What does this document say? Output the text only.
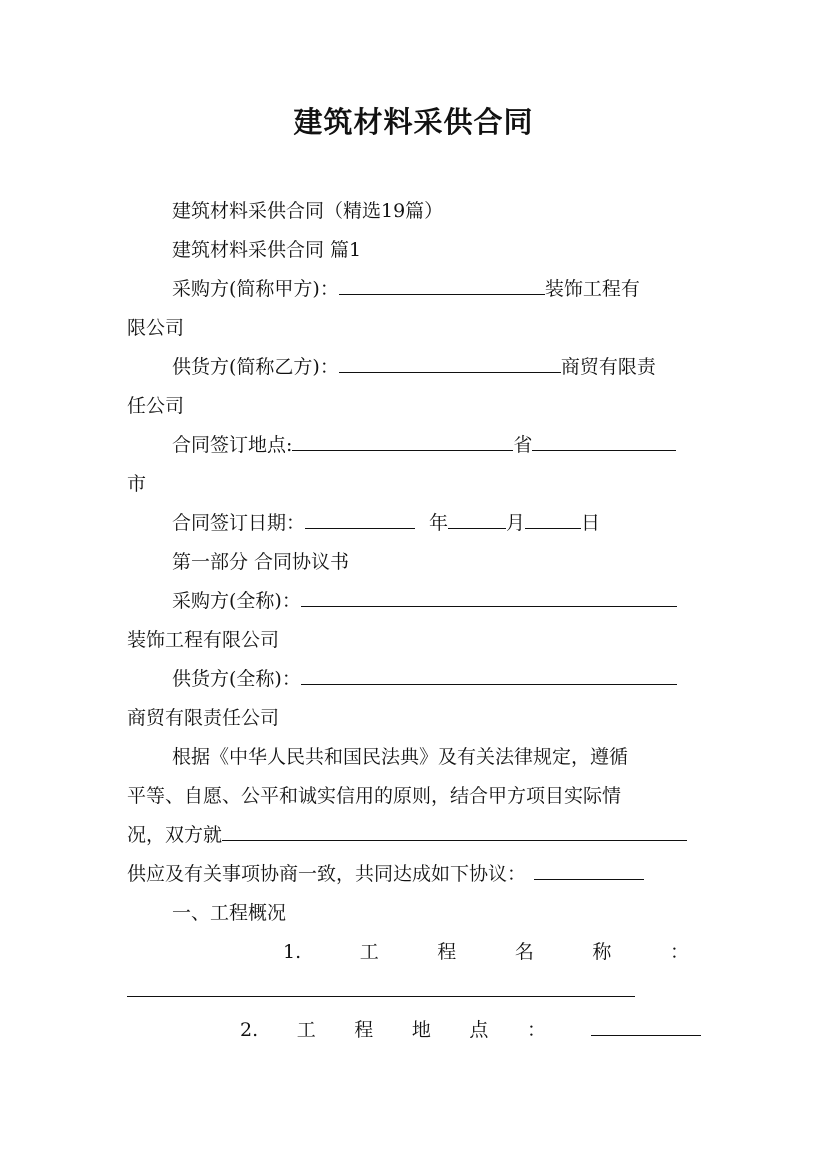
建筑材料采供合同
建筑材料采供合同（精选19篇）
建筑材料采供合同 篇1
采购方(简称甲方)：	装饰工程有
限公司
供货方(简称乙方)：	商贸有限责
任公司
合同签订地点:	省
市
合同签订日期：	年	月	日
第一部分 合同协议书
采购方(全称)：
装饰工程有限公司
供货方(全称)：
商贸有限责任公司
根据《中华人民共和国民法典》及有关法律规定，遵循
平等、自愿、公平和诚实信用的原则，结合甲方项目实际情
况，双方就
供应及有关事项协商一致，共同达成如下协议：
一、工程概况
1.	工	程	名	称	：
2. 工 程 地 点 ：
